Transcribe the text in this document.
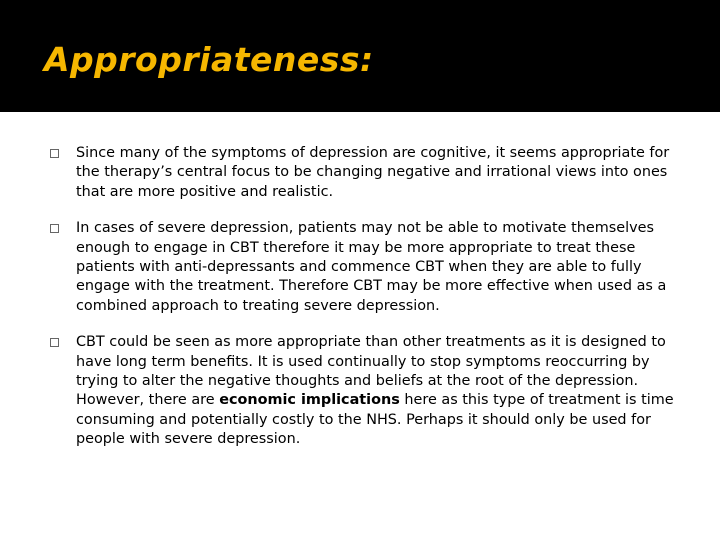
Appropriateness:
Since many of the symptoms of depression are cognitive, it seems appropriate for the therapy’s central focus to be changing negative and irrational views into ones that are more positive and realistic.
In cases of severe depression, patients may not be able to motivate themselves enough to engage in CBT therefore it may be more appropriate to treat these patients with anti-depressants and commence CBT when they are able to fully engage with the treatment. Therefore CBT may be more effective when used as a combined approach to treating severe depression.
CBT could be seen as more appropriate than other treatments as it is designed to have long term benefits. It is used continually to stop symptoms reoccurring by trying to alter the negative thoughts and beliefs at the root of the depression. However, there are economic implications here as this type of treatment is time consuming and potentially costly to the NHS. Perhaps it should only be used for people with severe depression.
